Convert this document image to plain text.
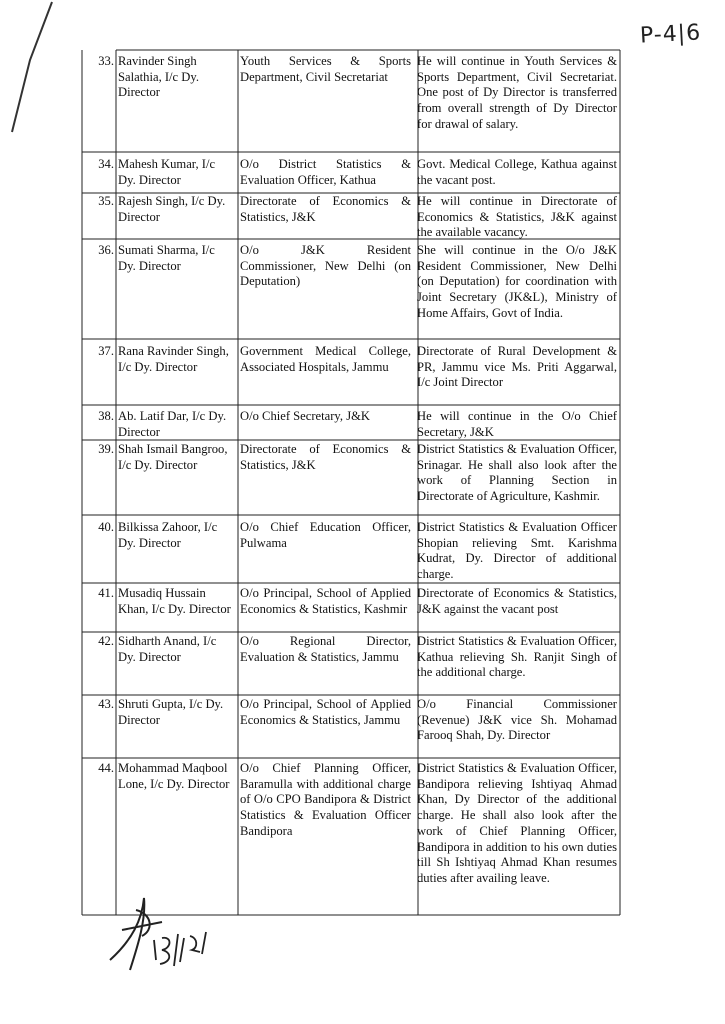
P-4|6
33. Ravinder Singh Salathia, I/c Dy. Director
Youth Services & Sports Department, Civil Secretariat
He will continue in Youth Services & Sports Department, Civil Secretariat. One post of Dy Director is transferred from overall strength of Dy Director for drawal of salary.
34. Mahesh Kumar, I/c Dy. Director
O/o District Statistics & Evaluation Officer, Kathua
Govt. Medical College, Kathua against the vacant post.
35. Rajesh Singh, I/c Dy. Director
Directorate of Economics & Statistics, J&K
He will continue in Directorate of Economics & Statistics, J&K against the available vacancy.
36. Sumati Sharma, I/c Dy. Director
O/o J&K Resident Commissioner, New Delhi (on Deputation)
She will continue in the O/o J&K Resident Commissioner, New Delhi (on Deputation) for coordination with Joint Secretary (JK&L), Ministry of Home Affairs, Govt of India.
37. Rana Ravinder Singh, I/c Dy. Director
Government Medical College, Associated Hospitals, Jammu
Directorate of Rural Development & PR, Jammu vice Ms. Priti Aggarwal, I/c Joint Director
38. Ab. Latif Dar, I/c Dy. Director
O/o Chief Secretary, J&K	He will continue in the O/o Chief Secretary, J&K
39. Shah Ismail Bangroo, I/c Dy. Director
Directorate of Economics & Statistics, J&K
District Statistics & Evaluation Officer, Srinagar. He shall also look after the work of Planning Section in Directorate of Agriculture, Kashmir.
40. Bilkissa Zahoor, I/c Dy. Director
O/o Chief Education Officer, Pulwama
District Statistics & Evaluation Officer Shopian relieving Smt. Karishma Kudrat, Dy. Director of additional charge.
41. Musadiq Hussain Khan, I/c Dy. Director
O/o Principal, School of Applied Economics & Statistics, Kashmir
Directorate of Economics & Statistics, J&K against the vacant post
42. Sidharth Anand, I/c Dy. Director
O/o Regional Director, Evaluation & Statistics, Jammu
District Statistics & Evaluation Officer, Kathua relieving Sh. Ranjit Singh of the additional charge.
43. Shruti Gupta, I/c Dy. Director
O/o Principal, School of Applied Economics & Statistics, Jammu
O/o Financial Commissioner (Revenue) J&K vice Sh. Mohamad Farooq Shah, Dy. Director
44. Mohammad Maqbool Lone, I/c Dy. Director
O/o Chief Planning Officer, Baramulla with additional charge of O/o CPO Bandipora & District Statistics & Evaluation Officer Bandipora
District Statistics & Evaluation Officer, Bandipora relieving Ishtiyaq Ahmad Khan, Dy Director of the additional charge. He shall also look after the work of Chief Planning Officer, Bandipora in addition to his own duties till Sh Ishtiyaq Ahmad Khan resumes duties after availing leave.
